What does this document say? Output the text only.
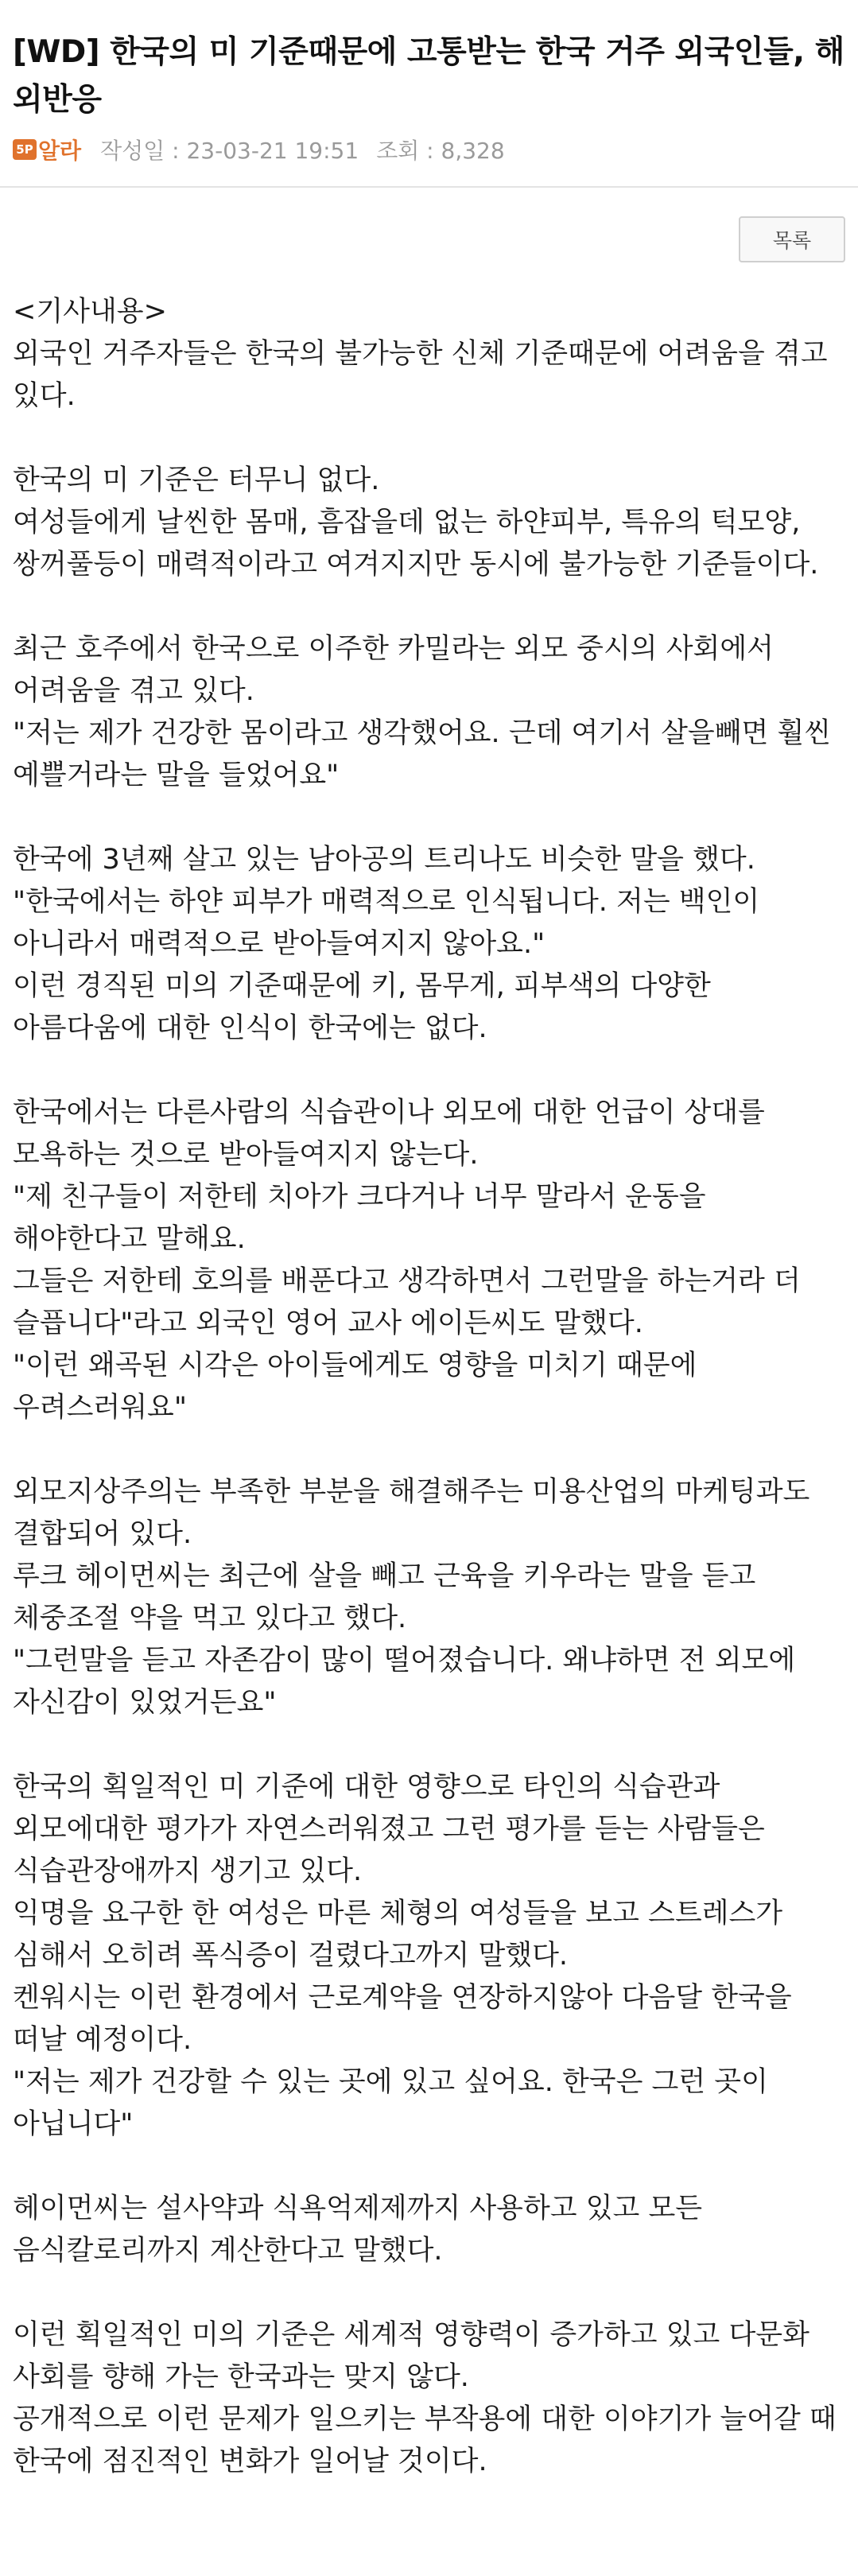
[WD] 한국의 미 기준때문에 고통받는 한국 거주 외국인들, 해외반응
5P 알라 작성일 : 23-03-21 19:51 조회 : 8,328
목록

<기사내용>
외국인 거주자들은 한국의 불가능한 신체 기준때문에 어려움을 겪고 있다.

한국의 미 기준은 터무니 없다.
여성들에게 날씬한 몸매, 흠잡을데 없는 하얀피부, 특유의 턱모양, 쌍꺼풀등이 매력적이라고 여겨지지만 동시에 불가능한 기준들이다.

최근 호주에서 한국으로 이주한 카밀라는 외모 중시의 사회에서 어려움을 겪고 있다.
"저는 제가 건강한 몸이라고 생각했어요. 근데 여기서 살을빼면 훨씬 예쁠거라는 말을 들었어요"

한국에 3년째 살고 있는 남아공의 트리나도 비슷한 말을 했다.
"한국에서는 하얀 피부가 매력적으로 인식됩니다. 저는 백인이 아니라서 매력적으로 받아들여지지 않아요."
이런 경직된 미의 기준때문에 키, 몸무게, 피부색의 다양한 아름다움에 대한 인식이 한국에는 없다.

한국에서는 다른사람의 식습관이나 외모에 대한 언급이 상대를 모욕하는 것으로 받아들여지지 않는다.
"제 친구들이 저한테 치아가 크다거나 너무 말라서 운동을 해야한다고 말해요.
그들은 저한테 호의를 배푼다고 생각하면서 그런말을 하는거라 더 슬픕니다"라고 외국인 영어 교사 에이든씨도 말했다.
"이런 왜곡된 시각은 아이들에게도 영향을 미치기 때문에 우려스러워요"

외모지상주의는 부족한 부분을 해결해주는 미용산업의 마케팅과도 결합되어 있다.
루크 헤이먼씨는 최근에 살을 빼고 근육을 키우라는 말을 듣고 체중조절 약을 먹고 있다고 했다.
"그런말을 듣고 자존감이 많이 떨어졌습니다. 왜냐하면 전 외모에 자신감이 있었거든요"

한국의 획일적인 미 기준에 대한 영향으로 타인의 식습관과 외모에대한 평가가 자연스러워졌고 그런 평가를 듣는 사람들은 식습관장애까지 생기고 있다.
익명을 요구한 한 여성은 마른 체형의 여성들을 보고 스트레스가 심해서 오히려 폭식증이 걸렸다고까지 말했다.
켄워시는 이런 환경에서 근로계약을 연장하지않아 다음달 한국을 떠날 예정이다.
"저는 제가 건강할 수 있는 곳에 있고 싶어요. 한국은 그런 곳이 아닙니다"

헤이먼씨는 설사약과 식욕억제제까지 사용하고 있고 모든 음식칼로리까지 계산한다고 말했다.

이런 획일적인 미의 기준은 세계적 영향력이 증가하고 있고 다문화 사회를 향해 가는 한국과는 맞지 않다.
공개적으로 이런 문제가 일으키는 부작용에 대한 이야기가 늘어갈 때 한국에 점진적인 변화가 일어날 것이다.
